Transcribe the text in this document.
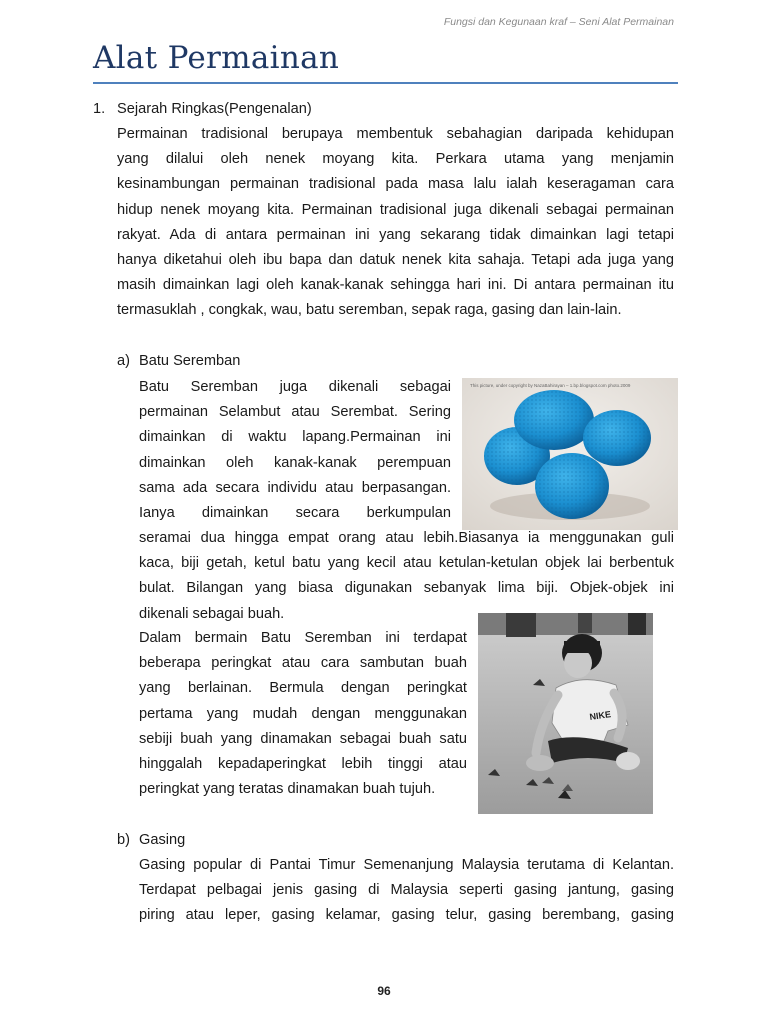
Fungsi dan Kegunaan kraf – Seni Alat Permainan
Alat Permainan
1. Sejarah Ringkas(Pengenalan)
Permainan tradisional berupaya membentuk sebahagian daripada kehidupan
yang dilalui oleh nenek moyang kita. Perkara utama yang menjamin
kesinambungan permainan tradisional pada masa lalu ialah keseragaman cara
hidup nenek moyang kita. Permainan tradisional juga dikenali sebagai permainan
rakyat. Ada di antara permainan ini yang sekarang tidak dimainkan lagi tetapi
hanya diketahui oleh ibu bapa dan datuk nenek kita sahaja. Tetapi ada juga yang
masih dimainkan lagi oleh kanak-kanak sehingga hari ini. Di antara permainan itu
termasuklah , congkak, wau, batu seremban, sepak raga, gasing dan lain-lain.
a) Batu Seremban
Batu Seremban juga dikenali sebagai
permainan Selambut atau Serembat. Sering
dimainkan di waktu lapang.Permainan ini
dimainkan oleh kanak-kanak perempuan
sama ada secara individu atau berpasangan.
Ianya dimainkan secara berkumpulan
seramai dua hingga empat orang atau lebih.Biasanya ia menggunakan guli
kaca, biji getah, ketul batu yang kecil atau ketulan-ketulan objek lai berbentuk
bulat. Bilangan yang biasa digunakan sebanyak lima biji. Objek-objek ini
dikenali sebagai buah.
Dalam bermain Batu Seremban ini terdapat
beberapa peringkat atau cara sambutan buah
yang berlainan. Bermula dengan peringkat
pertama yang mudah dengan menggunakan
sebiji buah yang dinamakan sebagai buah satu
hinggalah kepadaperingkat lebih tinggi atau
peringkat yang teratas dinamakan buah tujuh.
This picture, under copyright by NazaBahirayan – 1.bp.blogspot.com photo.2009
NIKE
b) Gasing
Gasing popular di Pantai Timur Semenanjung Malaysia terutama di Kelantan.
Terdapat pelbagai jenis gasing di Malaysia seperti gasing jantung, gasing
piring atau leper, gasing kelamar, gasing telur, gasing berembang, gasing
96
